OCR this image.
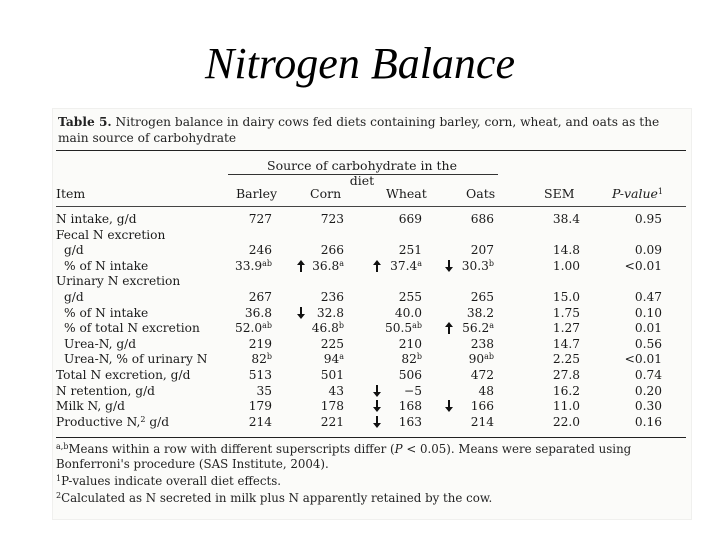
Nitrogen Balance
Table 5. Nitrogen balance in dairy cows fed diets containing barley, corn, wheat, and oats as the main source of carbohydrate
Source of carbohydrate in the diet
Item	Barley	Corn	Wheat	Oats	SEM	P-value$^1$
N intake, g/d	727	723	669	686	38.4	0.95
Fecal N excretion
g/d	246	266	251	207	14.8	0.09
% of N intake	33.9$^{ab}$	36.8$^a$	37.4$^a$	30.3$^b$	1.00	<0.01
Urinary N excretion
g/d	267	236	255	265	15.0	0.47
% of N intake	36.8	32.8	40.0	38.2	1.75	0.10
% of total N excretion	52.0$^{ab}$	46.8$^b$	50.5$^{ab}$	56.2$^a$	1.27	0.01
Urea-N, g/d	219	225	210	238	14.7	0.56
Urea-N, % of urinary N	82$^b$	94$^a$	82$^b$	$90^{ab}$	2.25	<0.01
Total N excretion, g/d	513	501	506	472	27.8	0.74
N retention, g/d	35	43	−5	48	16.2	0.20
Milk N, g/d	179	178	168	166	11.0	0.30
Productive N,$^2$ g/d	214	221	163	214	22.0	0.16
$^{a,b}$Means within a row with different superscripts differ (P < 0.05). Means were separated using Bonferroni's procedure (SAS Institute, 2004).
$^1$P-values indicate overall diet effects.
$^2$Calculated as N secreted in milk plus N apparently retained by the cow.
